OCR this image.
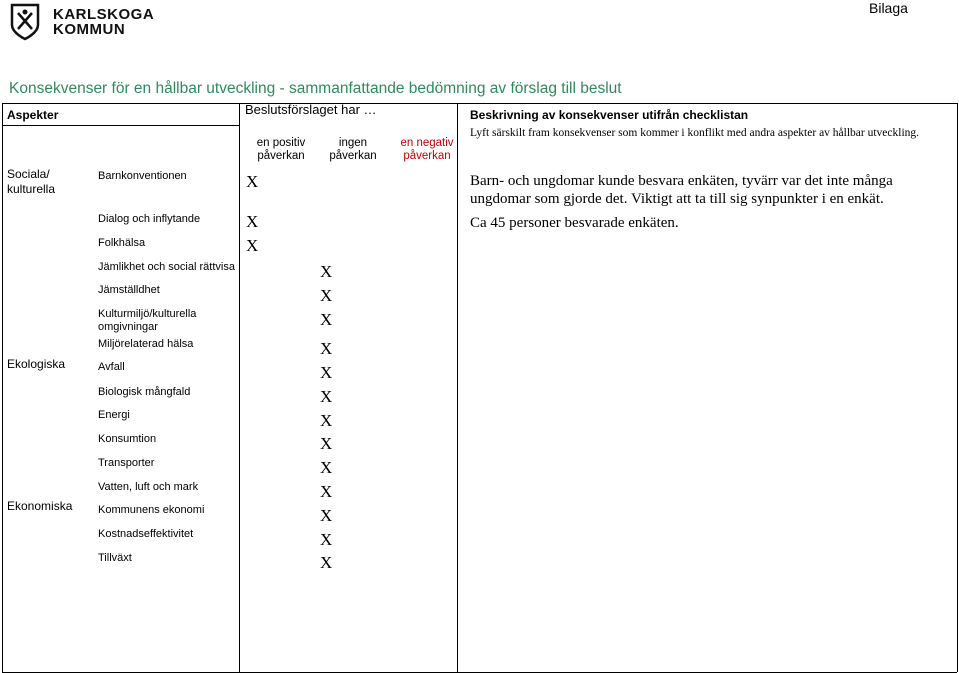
KARLSKOGA
KOMMUN
Bilaga
Konsekvenser för en hållbar utveckling - sammanfattande bedömning av förslag till beslut
Aspekter	Beslutsförslaget har …
en positiv
påverkan
ingen
påverkan
en negativ
påverkan
Beskrivning av konsekvenser utifrån checklistan
Lyft särskilt fram konsekvenser som kommer i konflikt med andra aspekter av hållbar utveckling.
Sociala/
kulturella
Ekologiska
Ekonomiska
Barnkonventionen
Dialog och inflytande
Folkhälsa
Jämlikhet och social rättvisa
Jämställdhet
Kulturmiljö/kulturella
omgivningar
Miljörelaterad hälsa
Avfall
Biologisk mångfald
Energi
Konsumtion
Transporter
Vatten, luft och mark
Kommunens ekonomi
Kostnadseffektivitet
Tillväxt
X
X
X
X
X
X
X
X
X
X
X
X
X
X
X
X
Barn- och ungdomar kunde besvara enkäten, tyvärr var det inte många
ungdomar som gjorde det. Viktigt att ta till sig synpunkter i en enkät.
Ca 45 personer besvarade enkäten.
